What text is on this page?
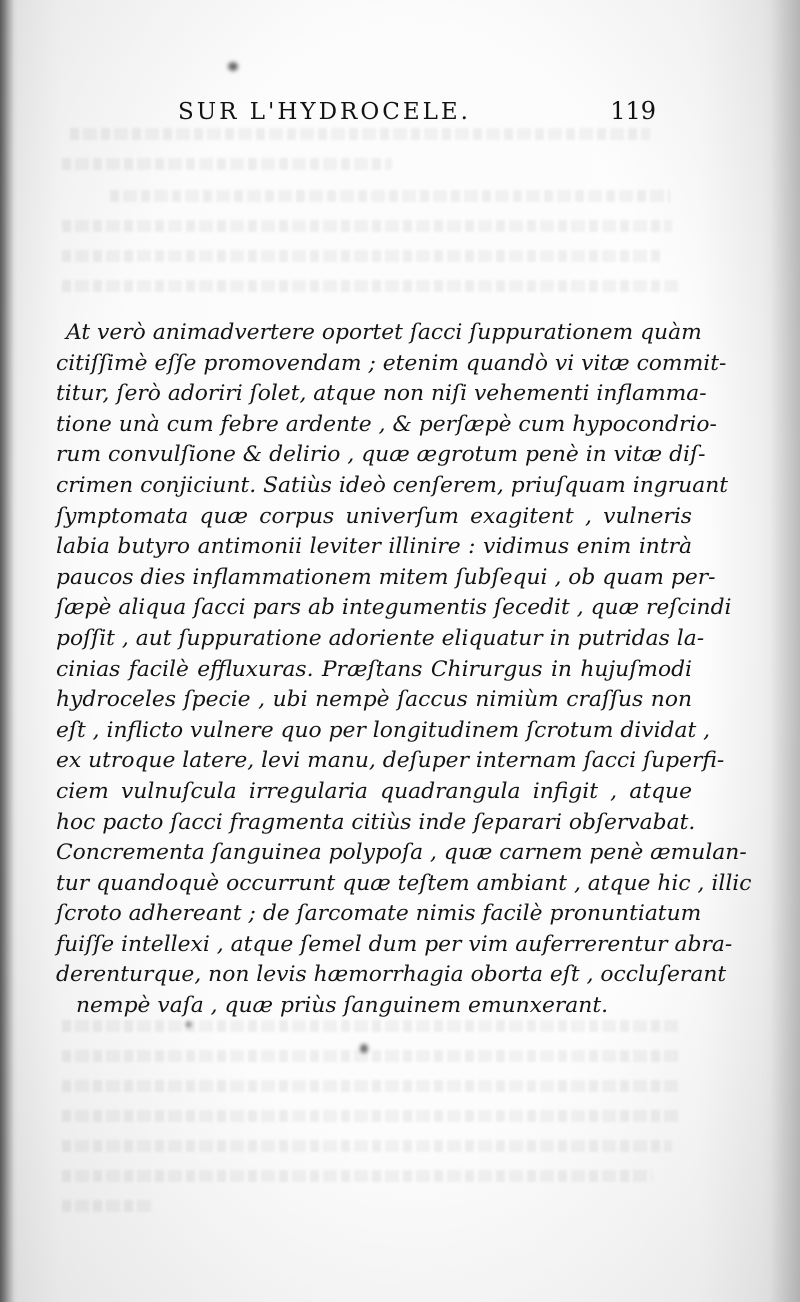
SUR L'HYDROCELE.	119
At verò animadvertere oportet ſacci ſuppurationem quàm
citiſſimè eſſe promovendam ; etenim quandò vi vitæ commit-
titur, ſerò adoriri ſolet, atque non niſi vehementi inflamma-
tione unà cum febre ardente , & perſæpè cum hypocondrio-
rum convulſione & delirio , quæ ægrotum penè in vitæ diſ-
crimen conjiciunt. Satiùs ideò cenſerem, priuſquam ingruant
ſymptomata quæ corpus univerſum exagitent , vulneris
labia butyro antimonii leviter illinire : vidimus enim intrà
paucos dies inflammationem mitem ſubſequi , ob quam per-
ſæpè aliqua ſacci pars ab integumentis ſecedit , quæ reſcindi
poſſit , aut ſuppuratione adoriente eliquatur in putridas la-
cinias facilè effluxuras. Præſtans Chirurgus in hujuſmodi
hydroceles ſpecie , ubi nempè ſaccus nimiùm craſſus non
eſt , inflicto vulnere quo per longitudinem ſcrotum dividat ,
ex utroque latere, levi manu, deſuper internam ſacci ſuperfi-
ciem vulnuſcula irregularia quadrangula infigit , atque
hoc pacto ſacci fragmenta citiùs inde ſeparari obſervabat.
Concrementa ſanguinea polypoſa , quæ carnem penè æmulan-
tur quandoquè occurrunt quæ teſtem ambiant , atque hic , illic
ſcroto adhereant ; de ſarcomate nimis facilè pronuntiatum
fuiſſe intellexi , atque ſemel dum per vim auferrerentur abra-
derenturque, non levis hæmorrhagia oborta eſt , occluſerant
nempè vaſa , quæ priùs ſanguinem emunxerant.
